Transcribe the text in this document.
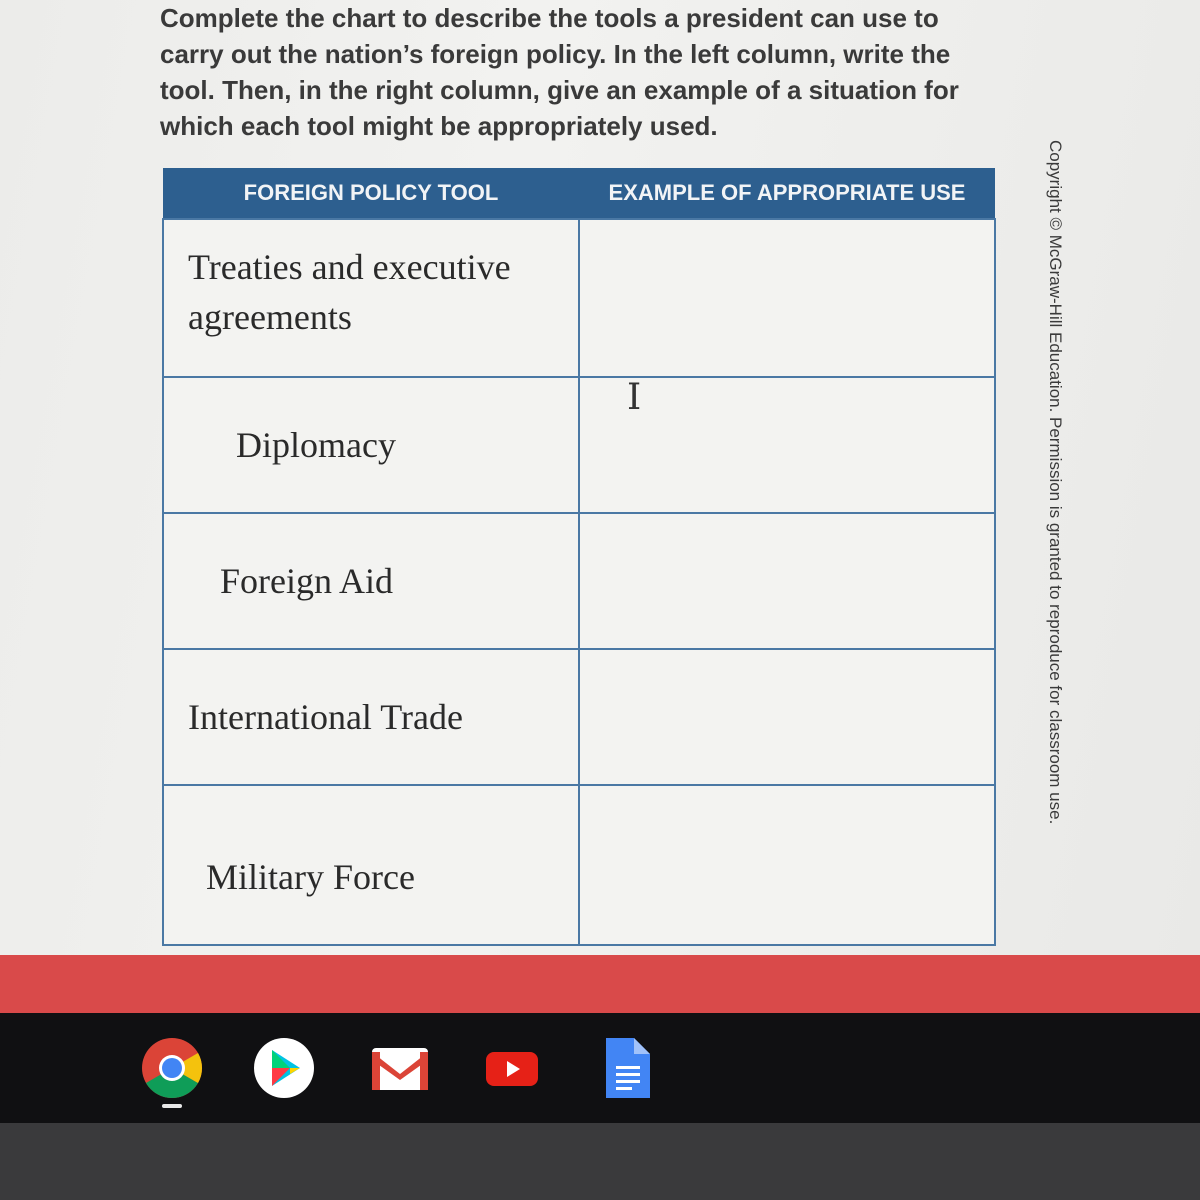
Complete the chart to describe the tools a president can use to carry out the nation’s foreign policy. In the left column, write the tool. Then, in the right column, give an example of a situation for which each tool might be appropriately used.

FOREIGN POLICY TOOL	EXAMPLE OF APPROPRIATE USE
Treaties and executive agreements	
Diplomacy	
Foreign Aid	
International Trade	
Military Force	
I	Copyright © McGraw-Hill Education. Permission is granted to reproduce for classroom use.
